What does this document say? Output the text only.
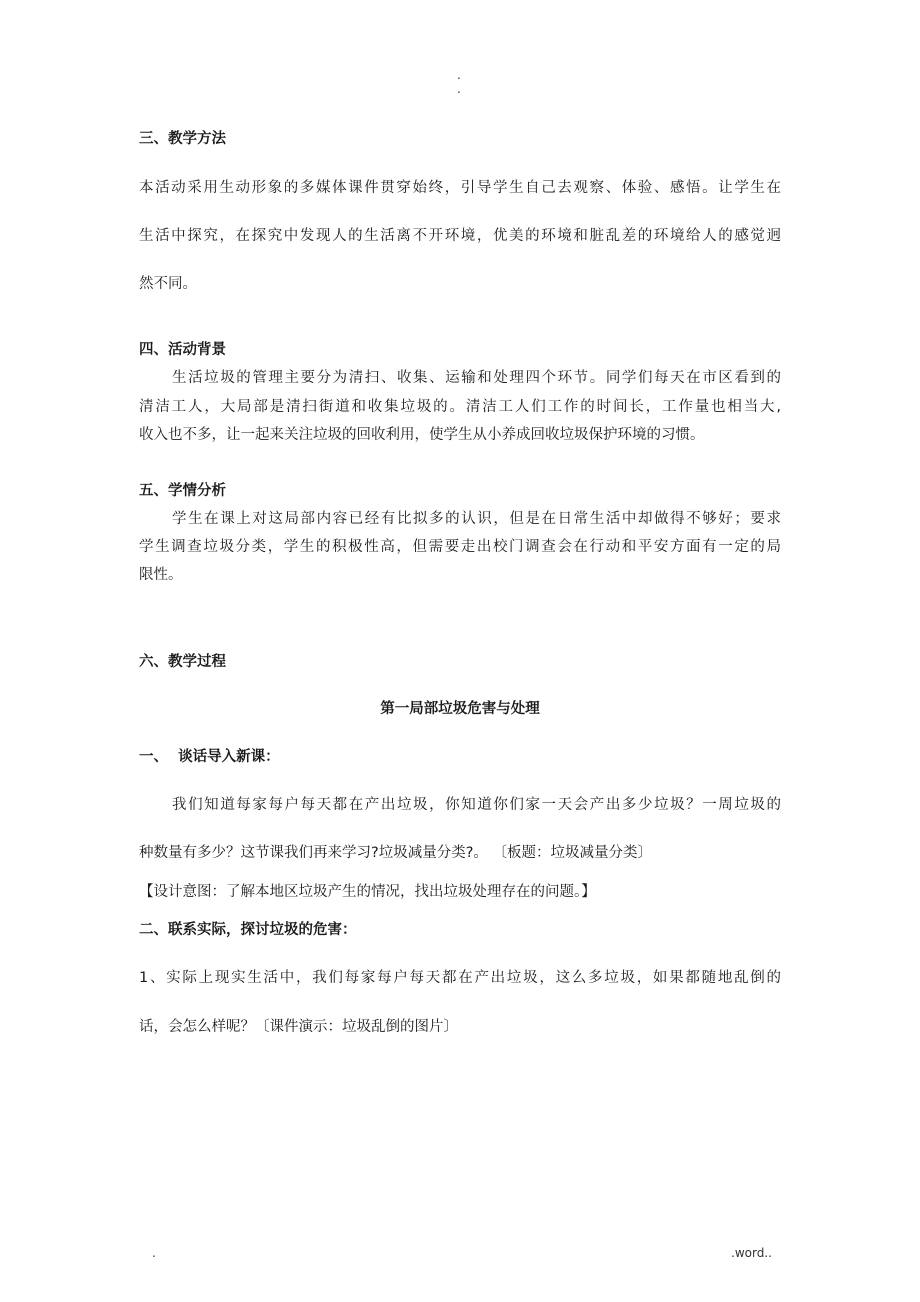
.
.
三、教学方法
本活动采用生动形象的多媒体课件贯穿始终，引导学生自己去观察、体验、感悟。让学生在
生活中探究，在探究中发现人的生活离不开环境，优美的环境和脏乱差的环境给人的感觉迥
然不同。
四、活动背景
生活垃圾的管理主要分为清扫、收集、运输和处理四个环节。同学们每天在市区看到的
清洁工人，大局部是清扫街道和收集垃圾的。清洁工人们工作的时间长，工作量也相当大,
收入也不多，让一起来关注垃圾的回收利用，使学生从小养成回收垃圾保护环境的习惯。
五、学情分析
学生在课上对这局部内容已经有比拟多的认识，但是在日常生活中却做得不够好；要求
学生调查垃圾分类，学生的积极性高，但需要走出校门调查会在行动和平安方面有一定的局
限性。
六、教学过程
第一局部垃圾危害与处理
一、  谈话导入新课：
我们知道每家每户每天都在产出垃圾，你知道你们家一天会产出多少垃圾？一周垃圾的
种数量有多少？这节课我们再来学习?垃圾减量分类?。 〔板题：垃圾减量分类〕
【设计意图：了解本地区垃圾产生的情况，找出垃圾处理存在的问题。】
二、联系实际，探讨垃圾的危害：
1、实际上现实生活中，我们每家每户每天都在产出垃圾，这么多垃圾，如果都随地乱倒的
话，会怎么样呢？〔课件演示：垃圾乱倒的图片〕
.	.word..
